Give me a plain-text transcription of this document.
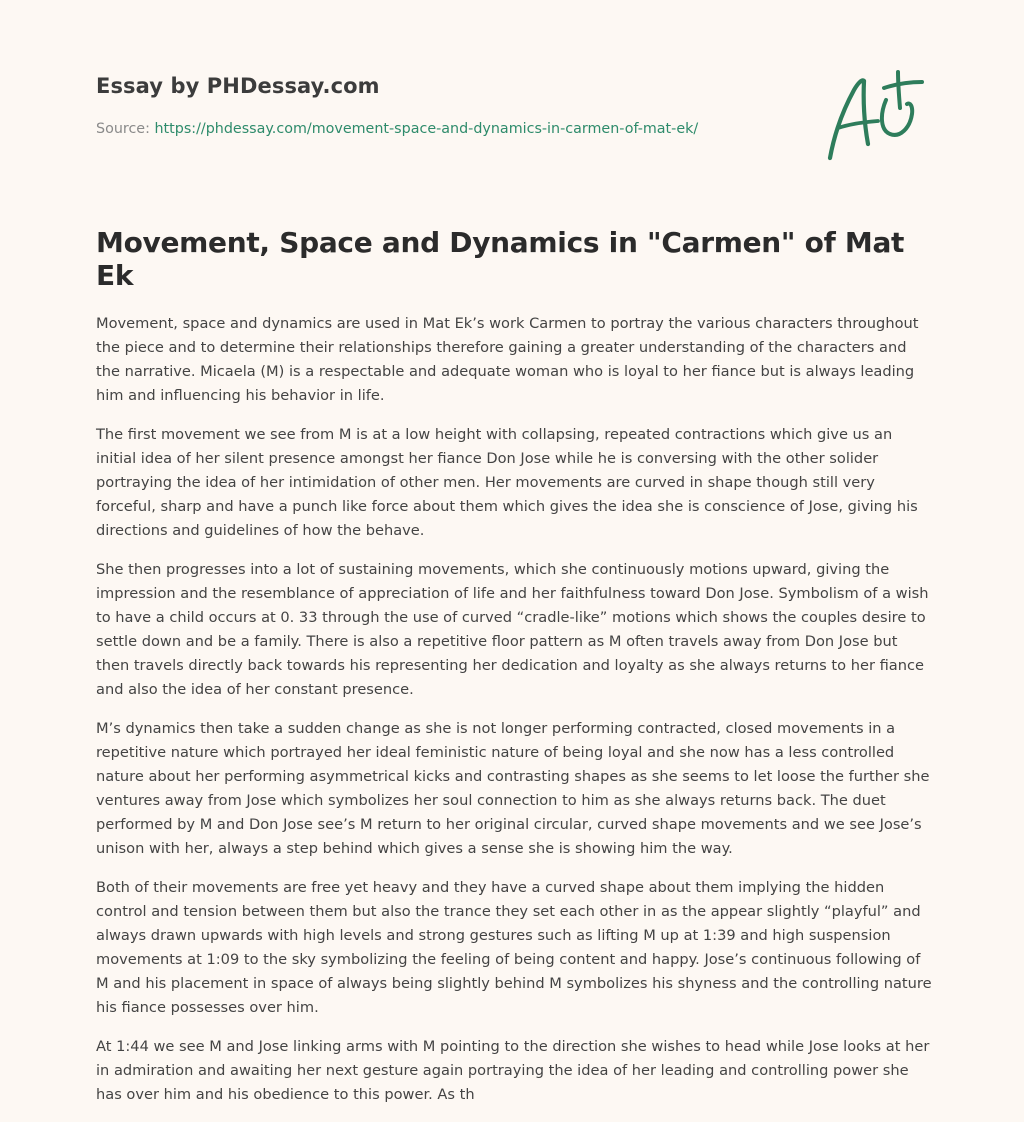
Essay by PHDessay.com
Source: https://phdessay.com/movement-space-and-dynamics-in-carmen-of-mat-ek/
Movement, Space and Dynamics in "Carmen" of Mat Ek

Movement, space and dynamics are used in Mat Ek’s work Carmen to portray the various characters throughout the piece and to determine their relationships therefore gaining a greater understanding of the characters and the narrative. Micaela (M) is a respectable and adequate woman who is loyal to her fiance but is always leading him and influencing his behavior in life.

The first movement we see from M is at a low height with collapsing, repeated contractions which give us an initial idea of her silent presence amongst her fiance Don Jose while he is conversing with the other solider portraying the idea of her intimidation of other men. Her movements are curved in shape though still very forceful, sharp and have a punch like force about them which gives the idea she is conscience of Jose, giving his directions and guidelines of how the behave.

She then progresses into a lot of sustaining movements, which she continuously motions upward, giving the impression and the resemblance of appreciation of life and her faithfulness toward Don Jose. Symbolism of a wish to have a child occurs at 0. 33 through the use of curved “cradle-like” motions which shows the couples desire to settle down and be a family. There is also a repetitive floor pattern as M often travels away from Don Jose but then travels directly back towards his representing her dedication and loyalty as she always returns to her fiance and also the idea of her constant presence.

M’s dynamics then take a sudden change as she is not longer performing contracted, closed movements in a repetitive nature which portrayed her ideal feministic nature of being loyal and she now has a less controlled nature about her performing asymmetrical kicks and contrasting shapes as she seems to let loose the further she ventures away from Jose which symbolizes her soul connection to him as she always returns back. The duet performed by M and Don Jose see’s M return to her original circular, curved shape movements and we see Jose’s unison with her, always a step behind which gives a sense she is showing him the way.

Both of their movements are free yet heavy and they have a curved shape about them implying the hidden control and tension between them but also the trance they set each other in as the appear slightly “playful” and always drawn upwards with high levels and strong gestures such as lifting M up at 1:39 and high suspension movements at 1:09 to the sky symbolizing the feeling of being content and happy. Jose’s continuous following of M and his placement in space of always being slightly behind M symbolizes his shyness and the controlling nature his fiance possesses over him.

At 1:44 we see M and Jose linking arms with M pointing to the direction she wishes to head while Jose looks at her in admiration and awaiting her next gesture again portraying the idea of her leading and controlling power she has over him and his obedience to this power. As th
